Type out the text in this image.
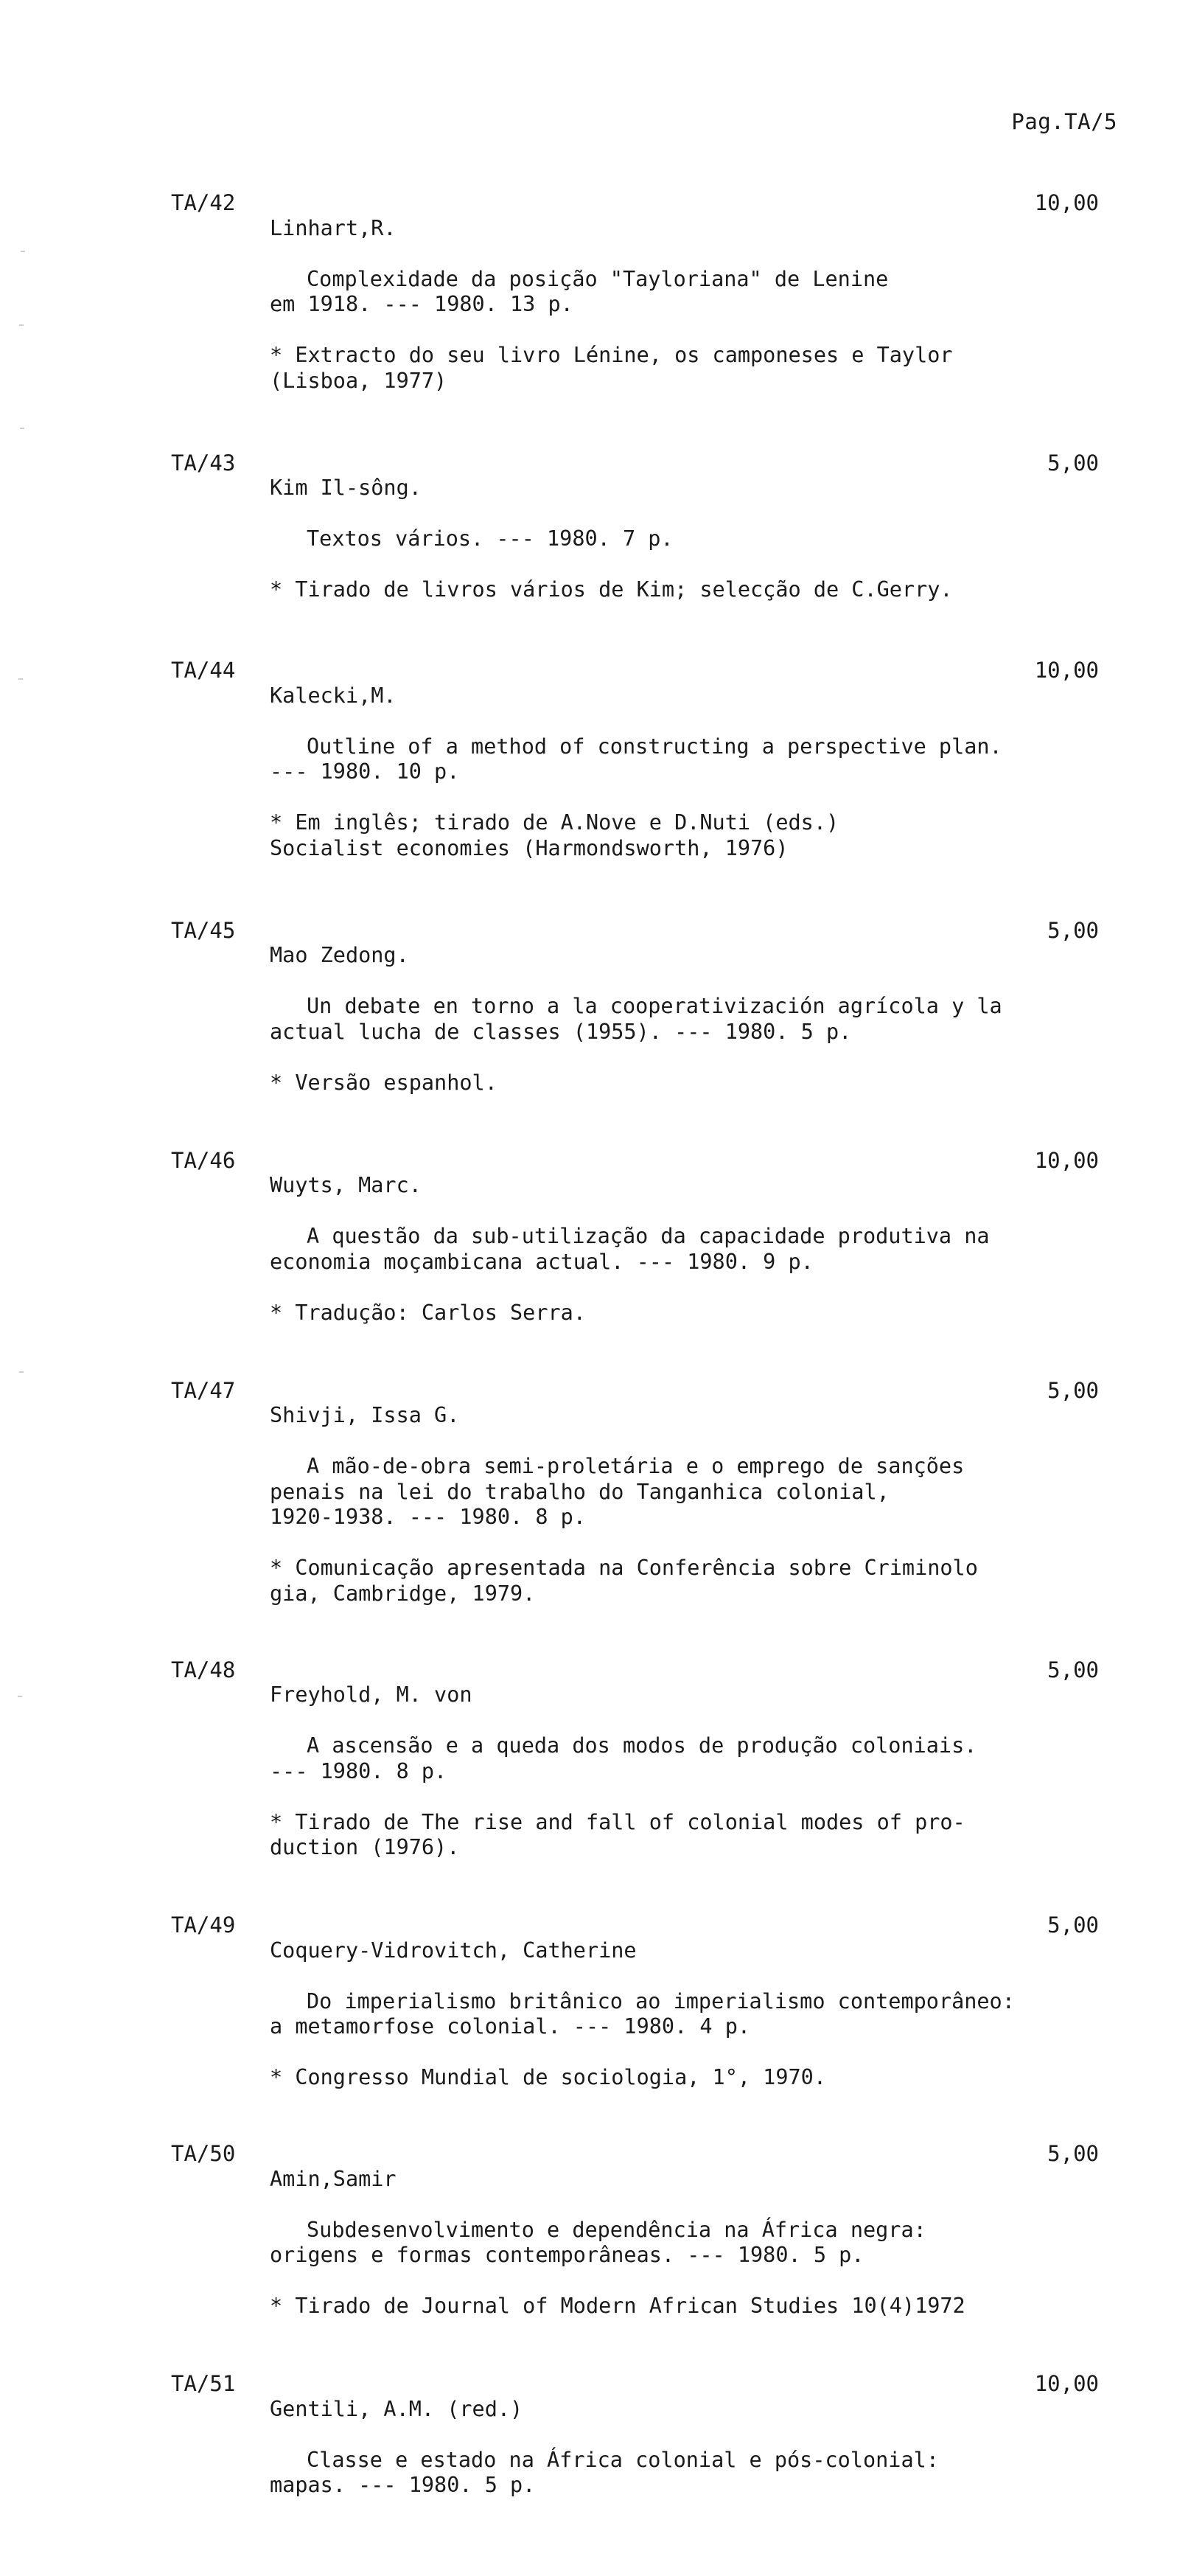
Pag.TA/5
TA/42

Linhart,R.

Complexidade da posição "Tayloriana" de Lenine
em 1918. --- 1980. 13 p.

* Extracto do seu livro Lénine, os camponeses e Taylor
(Lisboa, 1977)

10,00
TA/43

Kim Il-sông.

Textos vários. --- 1980. 7 p.

* Tirado de livros vários de Kim; selecção de C.Gerry.

5,00
TA/44

Kalecki,M.

Outline of a method of constructing a perspective plan.
--- 1980. 10 p.

* Em inglês; tirado de A.Nove e D.Nuti (eds.)
Socialist economies (Harmondsworth, 1976)

10,00
TA/45

Mao Zedong.

Un debate en torno a la cooperativización agrícola y la
actual lucha de classes (1955). --- 1980. 5 p.

* Versão espanhol.

5,00
TA/46

Wuyts, Marc.

A questão da sub-utilização da capacidade produtiva na
economia moçambicana actual. --- 1980. 9 p.

* Tradução: Carlos Serra.

10,00
TA/47

Shivji, Issa G.

A mão-de-obra semi-proletária e o emprego de sanções
penais na lei do trabalho do Tanganhica colonial,
1920-1938. --- 1980. 8 p.

* Comunicação apresentada na Conferência sobre Criminolo
gia, Cambridge, 1979.

5,00
TA/48

Freyhold, M. von

A ascensão e a queda dos modos de produção coloniais.
--- 1980. 8 p.

* Tirado de The rise and fall of colonial modes of pro-
duction (1976).

5,00
TA/49

Coquery-Vidrovitch, Catherine

Do imperialismo britânico ao imperialismo contemporâneo:
a metamorfose colonial. --- 1980. 4 p.

* Congresso Mundial de sociologia, 1°, 1970.

5,00
TA/50

Amin,Samir

Subdesenvolvimento e dependência na África negra:
origens e formas contemporâneas. --- 1980. 5 p.

* Tirado de Journal of Modern African Studies 10(4)1972

5,00
TA/51

Gentili, A.M. (red.)

Classe e estado na África colonial e pós-colonial:
mapas. --- 1980. 5 p.

10,00
